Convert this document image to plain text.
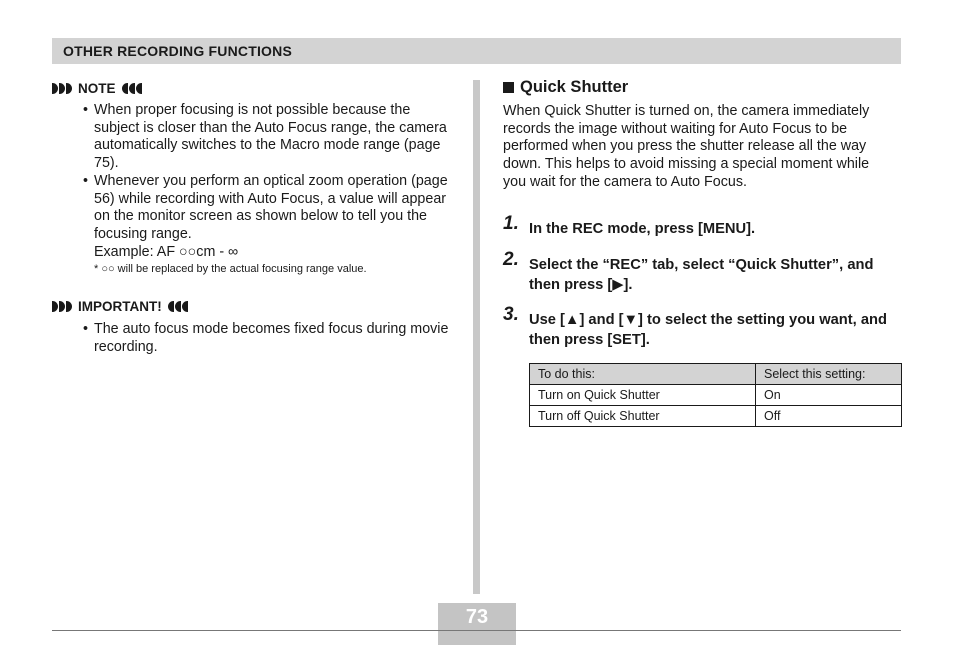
OTHER RECORDING FUNCTIONS
NOTE
• When proper focusing is not possible because the subject is closer than the Auto Focus range, the camera automatically switches to the Macro mode range (page 75).
• Whenever you perform an optical zoom operation (page 56) while recording with Auto Focus, a value will appear on the monitor screen as shown below to tell you the focusing range.
Example: AF ○○cm - ∞
* ○○ will be replaced by the actual focusing range value.
IMPORTANT!
• The auto focus mode becomes fixed focus during movie recording.
Quick Shutter
When Quick Shutter is turned on, the camera immediately records the image without waiting for Auto Focus to be performed when you press the shutter release all the way down. This helps to avoid missing a special moment while you wait for the camera to Auto Focus.
1. In the REC mode, press [MENU].
2. Select the “REC” tab, select “Quick Shutter”, and then press [▶].
3. Use [▲] and [▼] to select the setting you want, and then press [SET].
To do this:	Select this setting:
Turn on Quick Shutter	On
Turn off Quick Shutter	Off
73
